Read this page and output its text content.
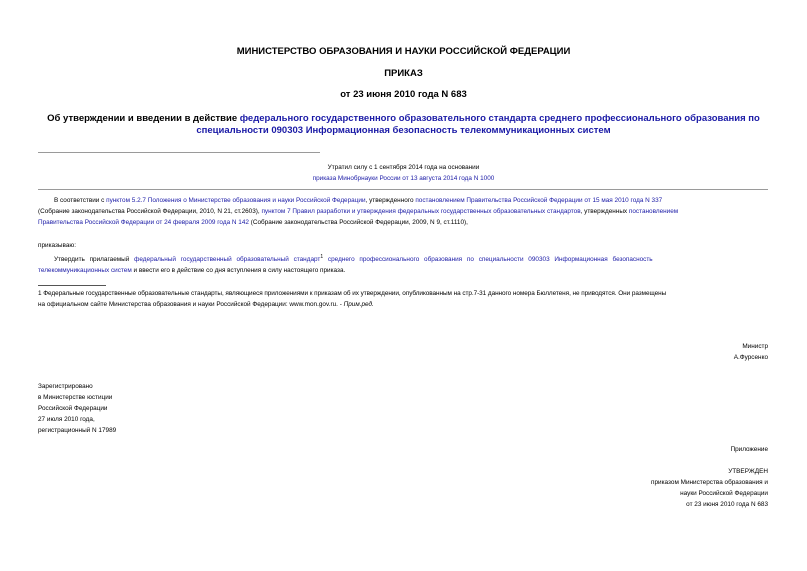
МИНИСТЕРСТВО ОБРАЗОВАНИЯ И НАУКИ РОССИЙСКОЙ ФЕДЕРАЦИИ
ПРИКАЗ
от 23 июня 2010 года N 683
Об утверждении и введении в действие федерального государственного образовательного стандарта среднего профессионального образования по
специальности 090303 Информационная безопасность телекоммуникационных систем
Утратил силу с 1 сентября 2014 года на основании
приказа Минобрнауки России от 13 августа 2014 года N 1000
В соответствии с пунктом 5.2.7 Положения о Министерстве образования и науки Российской Федерации, утвержденного постановлением Правительства Российской Федерации от 15 мая 2010 года N 337
(Собрание законодательства Российской Федерации, 2010, N 21, ст.2603), пунктом 7 Правил разработки и утверждения федеральных государственных образовательных стандартов, утвержденных постановлением
Правительства Российской Федерации от 24 февраля 2009 года N 142 (Собрание законодательства Российской Федерации, 2009, N 9, ст.1110),
приказываю:
Утвердить прилагаемый федеральный государственный образовательный стандарт$^1$ среднего профессионального образования по специальности 090303 Информационная безопасность
телекоммуникационных систем и ввести его в действие со дня вступления в силу настоящего приказа.
1 Федеральные государственные образовательные стандарты, являющиеся приложениями к приказам об их утверждении, опубликованным на стр.7-31 данного номера Бюллетеня, не приводятся. Они размещены
на официальном сайте Министерства образования и науки Российской Федерации: www.mon.gov.ru. - Прим.ред.
Министр
А.Фурсенко
Зарегистрировано
в Министерстве юстиции
Российской Федерации
27 июля 2010 года,
регистрационный N 17989
Приложение
УТВЕРЖДЕН
приказом Министерства образования и
науки Российской Федерации
от 23 июня 2010 года N 683
